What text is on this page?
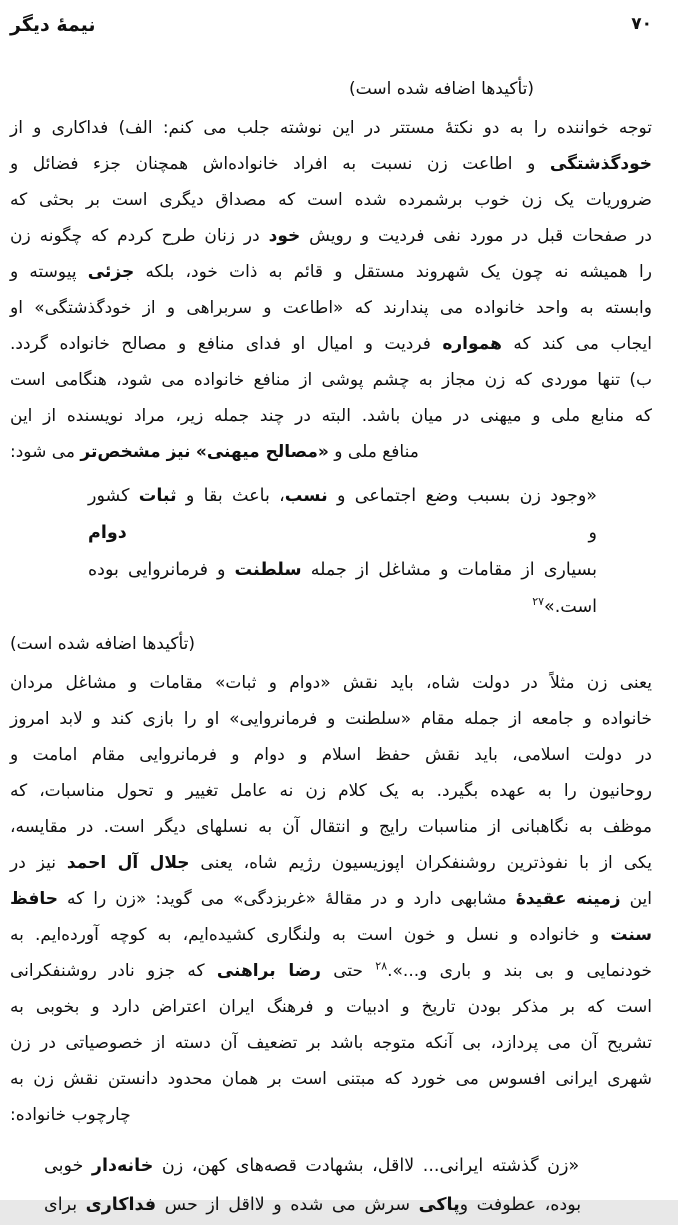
۷۰
نیمهٔ دیگر
(تأکیدها اضافه شده است)
توجه خواننده را به دو نکتهٔ مستتر در این نوشته جلب می کنم: الف) فداکاری و از
خودگذشتگی و اطاعت زن نسبت به افراد خانواده‌اش همچنان جزء فضائل و
ضروریات یک زن خوب برشمرده شده است که مصداق دیگری است بر بحثی که
در صفحات قبل در مورد نفی فردیت و رویش خود در زنان طرح کردم که چگونه زن
را همیشه نه چون یک شهروند مستقل و قائم به ذات خود، بلکه جزئی پیوسته و
وابسته به واحد خانواده می پندارند که «اطاعت و سربراهی و از خودگذشتگی» او
ایجاب می کند که همواره فردیت و امیال او فدای منافع و مصالح خانواده گردد.
ب) تنها موردی که زن مجاز به چشم پوشی از منافع خانواده می شود، هنگامی است
که منابع ملی و میهنی در میان باشد. البته در چند جمله زیر، مراد نویسنده از این
منافع ملی و «مصالح میهنی» نیز مشخص‌تر می شود:
«وجود زن بسبب وضع اجتماعی و نسب، باعث بقا و ثبات کشور و دوام
بسیاری از مقامات و مشاغل از جمله سلطنت و فرمانروایی بوده
است.»$^{۲۷}$
(تأکیدها اضافه شده است)
یعنی زن مثلاً در دولت شاه، باید نقش «دوام و ثبات» مقامات و مشاغل مردان
خانواده و جامعه از جمله مقام «سلطنت و فرمانروایی» او را بازی کند و لابد امروز
در دولت اسلامی، باید نقش حفظ اسلام و دوام و فرمانروایی مقام امامت و
روحانیون را به عهده بگیرد. به یک کلام زن نه عامل تغییر و تحول مناسبات، که
موظف به نگاهبانی از مناسبات رایج و انتقال آن به نسلهای دیگر است. در مقایسه،
یکی از با نفوذترین روشنفکران اپوزیسیون رژیم شاه، یعنی جلال آل احمد نیز در
این زمینه عقیدهٔ مشابهی دارد و در مقالهٔ «غربزدگی» می گوید: «زن را که حافظ
سنت و خانواده و نسل و خون است به ولنگاری کشیده‌ایم، به کوچه آورده‌ایم. به
خودنمایی و بی بند و باری و...».$^{۲۸}$ حتی رضا براهنی که جزو نادر روشنفکرانی
است که بر مذکر بودن تاریخ و ادبیات و فرهنگ ایران اعتراض دارد و بخوبی به
تشریح آن می پردازد، بی آنکه متوجه باشد بر تضعیف آن دسته از خصوصیاتی در زن
شهری ایرانی افسوس می خورد که مبتنی است بر همان محدود دانستن نقش زن به
چارچوب خانواده:
«زن گذشته ایرانی... لااقل، بشهادت قصه‌های کهن، زن خانه‌دار خوبی
بوده، عطوفت وپاکی سرش می شده و لااقل از حس فداکاری برای
